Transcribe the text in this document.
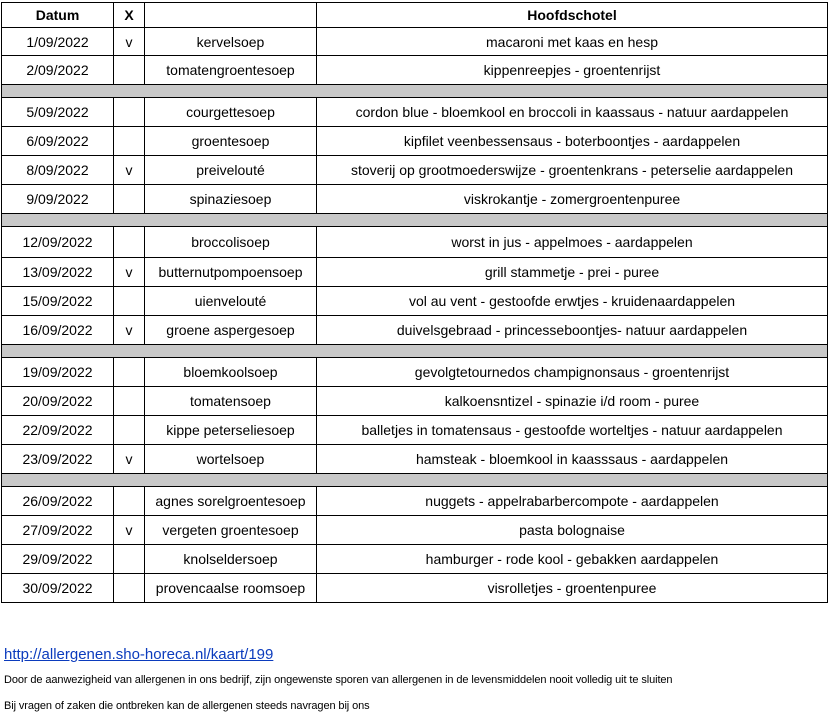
Datum	X		Hoofdschotel
1/09/2022	v	kervelsoep	macaroni met kaas en hesp
2/09/2022		tomatengroentesoep	kippenreepjes - groentenrijst

5/09/2022		courgettesoep	cordon blue - bloemkool en broccoli in kaassaus - natuur aardappelen
6/09/2022		groentesoep	kipfilet veenbessensaus - boterboontjes - aardappelen
8/09/2022	v	preivelouté	stoverij op grootmoederswijze - groentenkrans - peterselie aardappelen
9/09/2022		spinaziesoep	viskrokantje - zomergroentenpuree

12/09/2022		broccolisoep	worst in jus - appelmoes - aardappelen
13/09/2022	v	butternutpompoensoep	grill stammetje - prei - puree
15/09/2022		uienvelouté	vol au vent - gestoofde erwtjes - kruidenaardappelen
16/09/2022	v	groene aspergesoep	duivelsgebraad - princesseboontjes- natuur aardappelen

19/09/2022		bloemkoolsoep	gevolgtetournedos champignonsaus - groentenrijst
20/09/2022		tomatensoep	kalkoensntizel - spinazie i/d room - puree
22/09/2022		kippe peterseliesoep	balletjes in tomatensaus - gestoofde worteltjes - natuur aardappelen
23/09/2022	v	wortelsoep	hamsteak - bloemkool in kaasssaus - aardappelen

26/09/2022		agnes sorelgroentesoep	nuggets - appelrabarbercompote - aardappelen
27/09/2022	v	vergeten groentesoep	pasta bolognaise
29/09/2022		knolseldersoep	hamburger - rode kool - gebakken aardappelen
30/09/2022		provencaalse roomsoep	visrolletjes - groentenpuree
http://allergenen.sho-horeca.nl/kaart/199
Door de aanwezigheid van allergenen in ons bedrijf, zijn ongewenste sporen van allergenen in de levensmiddelen nooit volledig uit te sluiten
Bij vragen of zaken die ontbreken kan de allergenen steeds navragen bij ons
